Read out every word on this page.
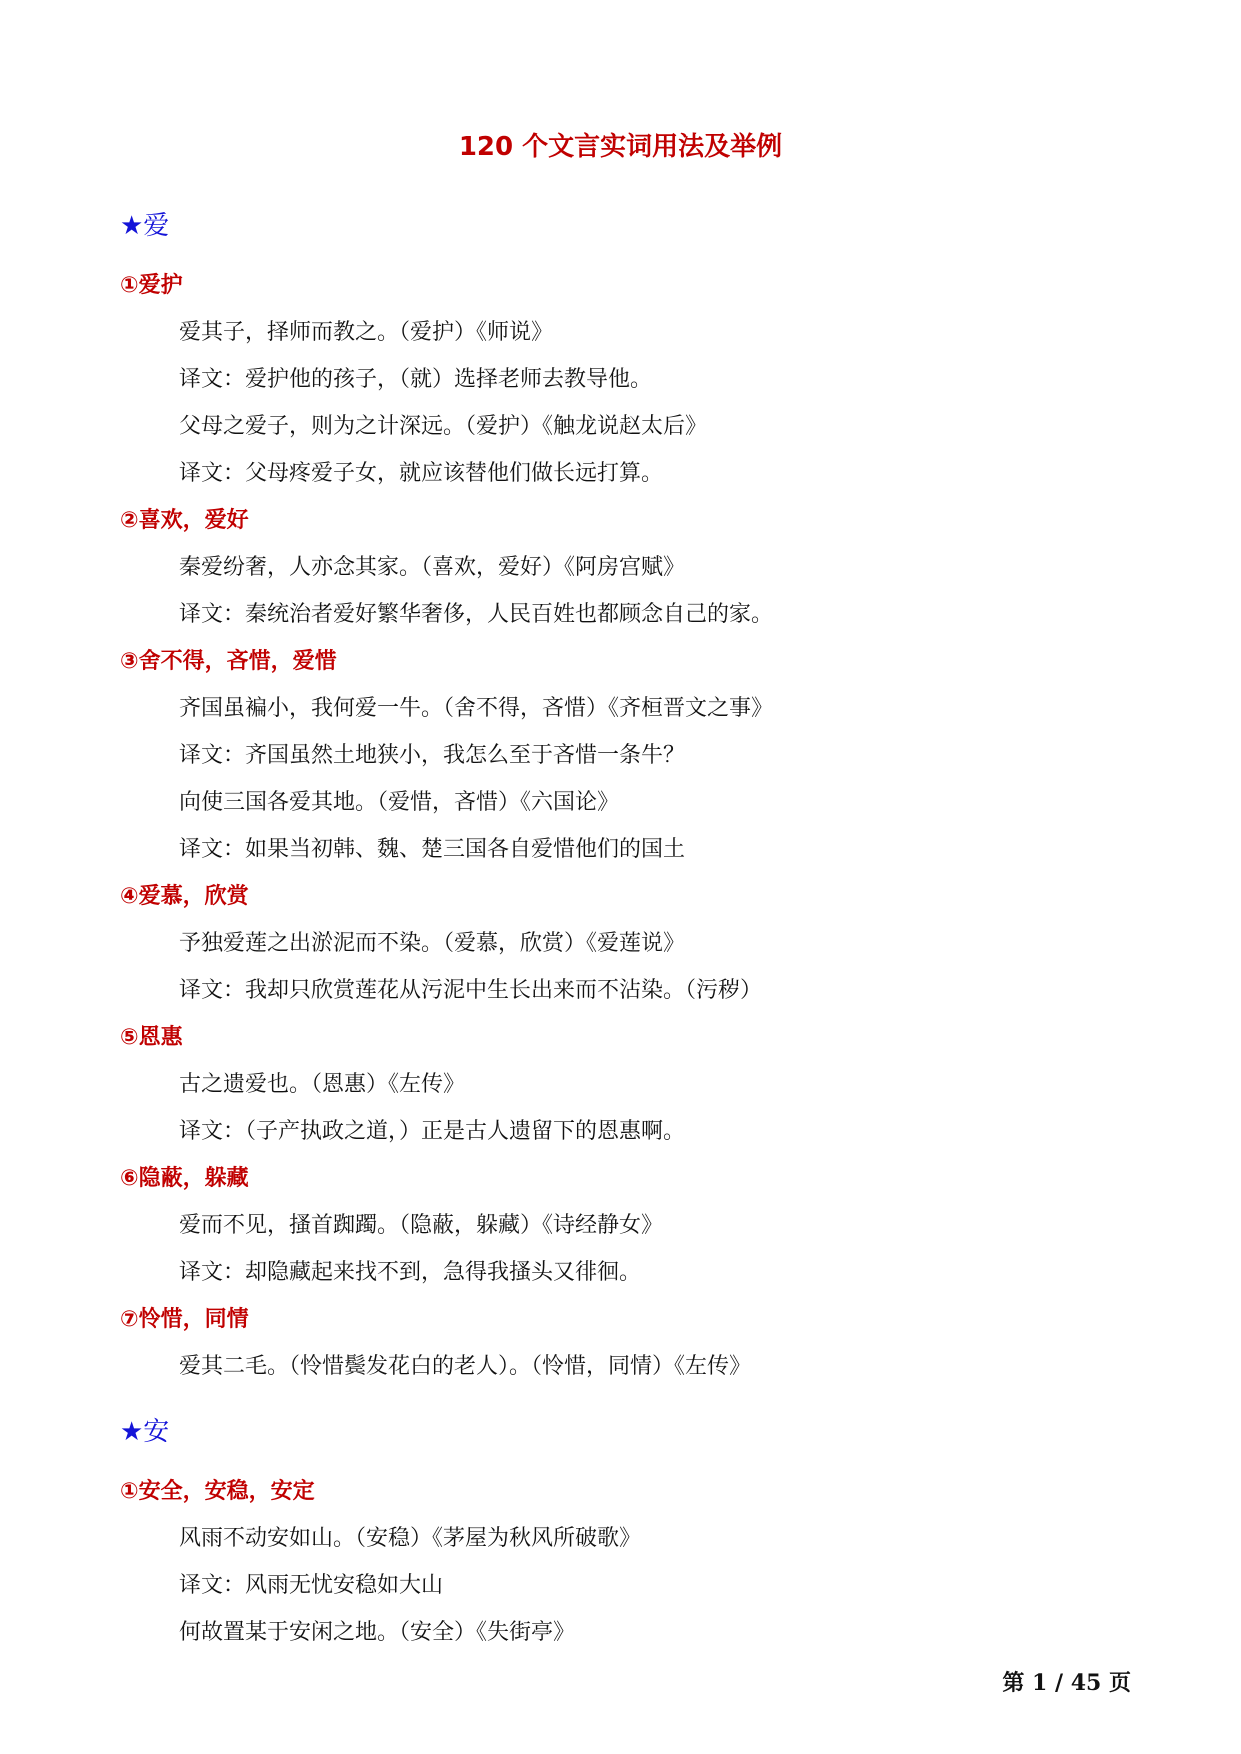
120 个文言实词用法及举例
★爱
①爱护
爱其子，择师而教之。（爱护）《师说》
译文：爱护他的孩子，（就）选择老师去教导他。
父母之爱子，则为之计深远。（爱护）《触龙说赵太后》
译文：父母疼爱子女，就应该替他们做长远打算。
②喜欢，爱好
秦爱纷奢，人亦念其家。（喜欢，爱好）《阿房宫赋》
译文：秦统治者爱好繁华奢侈，人民百姓也都顾念自己的家。
③舍不得，吝惜，爱惜
齐国虽褊小，我何爱一牛。（舍不得，吝惜）《齐桓晋文之事》
译文：齐国虽然土地狭小，我怎么至于吝惜一条牛？
向使三国各爱其地。（爱惜，吝惜）《六国论》
译文：如果当初韩、魏、楚三国各自爱惜他们的国土
④爱慕，欣赏
予独爱莲之出淤泥而不染。（爱慕，欣赏）《爱莲说》
译文：我却只欣赏莲花从污泥中生长出来而不沾染。（污秽）
⑤恩惠
古之遗爱也。（恩惠）《左传》
译文：（子产执政之道，）正是古人遗留下的恩惠啊。
⑥隐蔽，躲藏
爱而不见，搔首踟躅。（隐蔽，躲藏）《诗经静女》
译文：却隐藏起来找不到，急得我搔头又徘徊。
⑦怜惜，同情
爱其二毛。（怜惜鬓发花白的老人）。（怜惜，同情）《左传》
★安
①安全，安稳，安定
风雨不动安如山。（安稳）《茅屋为秋风所破歌》
译文：风雨无忧安稳如大山
何故置某于安闲之地。（安全）《失街亭》
第 1 / 45 页
